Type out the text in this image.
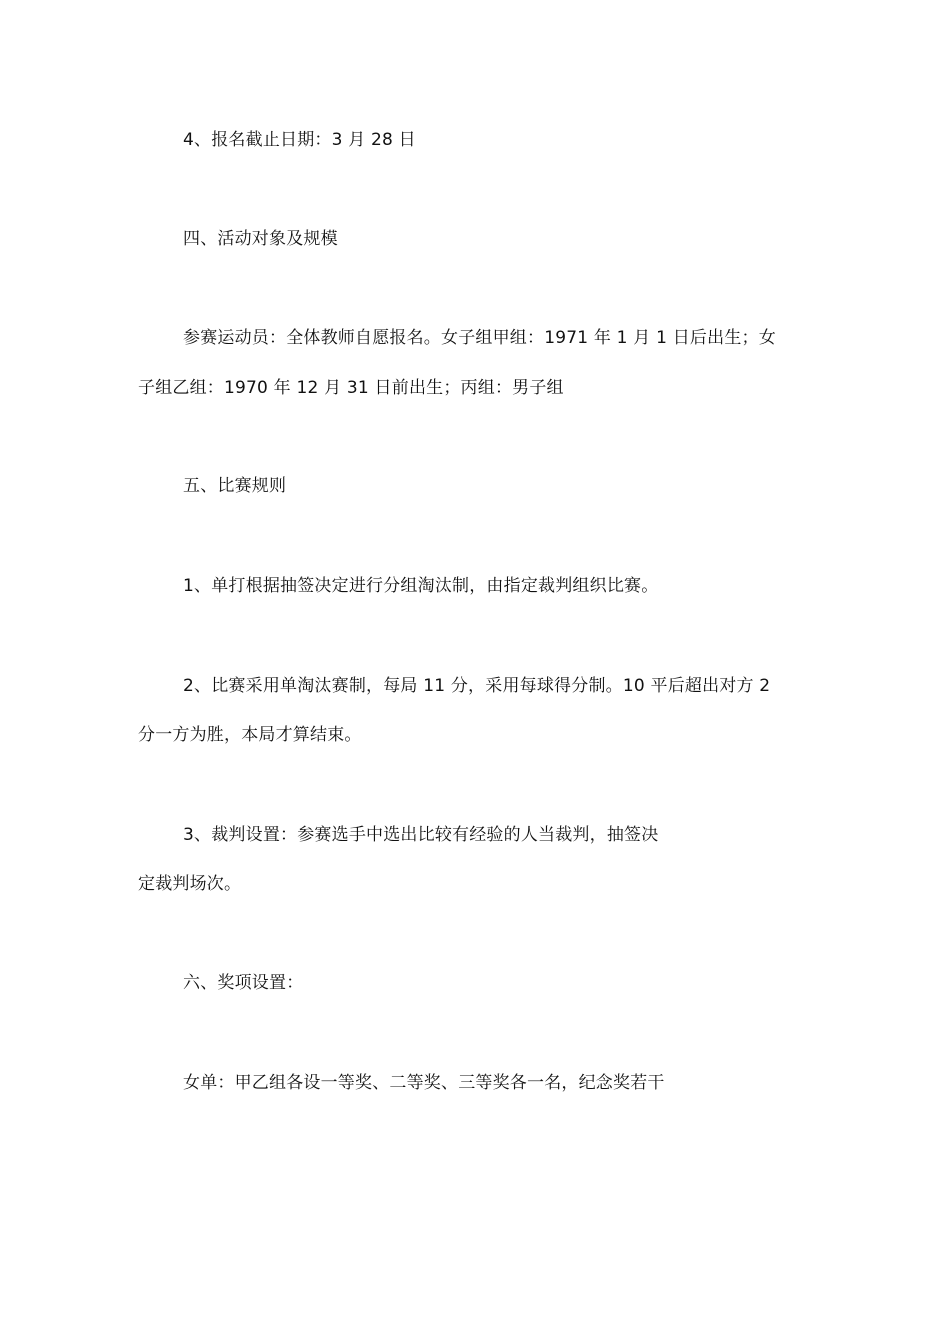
4、报名截止日期：3 月 28 日
四、活动对象及规模
参赛运动员：全体教师自愿报名。女子组甲组：1971 年 1 月 1 日后出生；女
子组乙组：1970 年 12 月 31 日前出生；丙组：男子组
五、比赛规则
1、单打根据抽签决定进行分组淘汰制，由指定裁判组织比赛。
2、比赛采用单淘汰赛制，每局 11 分，采用每球得分制。10 平后超出对方 2
分一方为胜，本局才算结束。
3、裁判设置：参赛选手中选出比较有经验的人当裁判，抽签决
定裁判场次。
六、奖项设置：
女单：甲乙组各设一等奖、二等奖、三等奖各一名，纪念奖若干
